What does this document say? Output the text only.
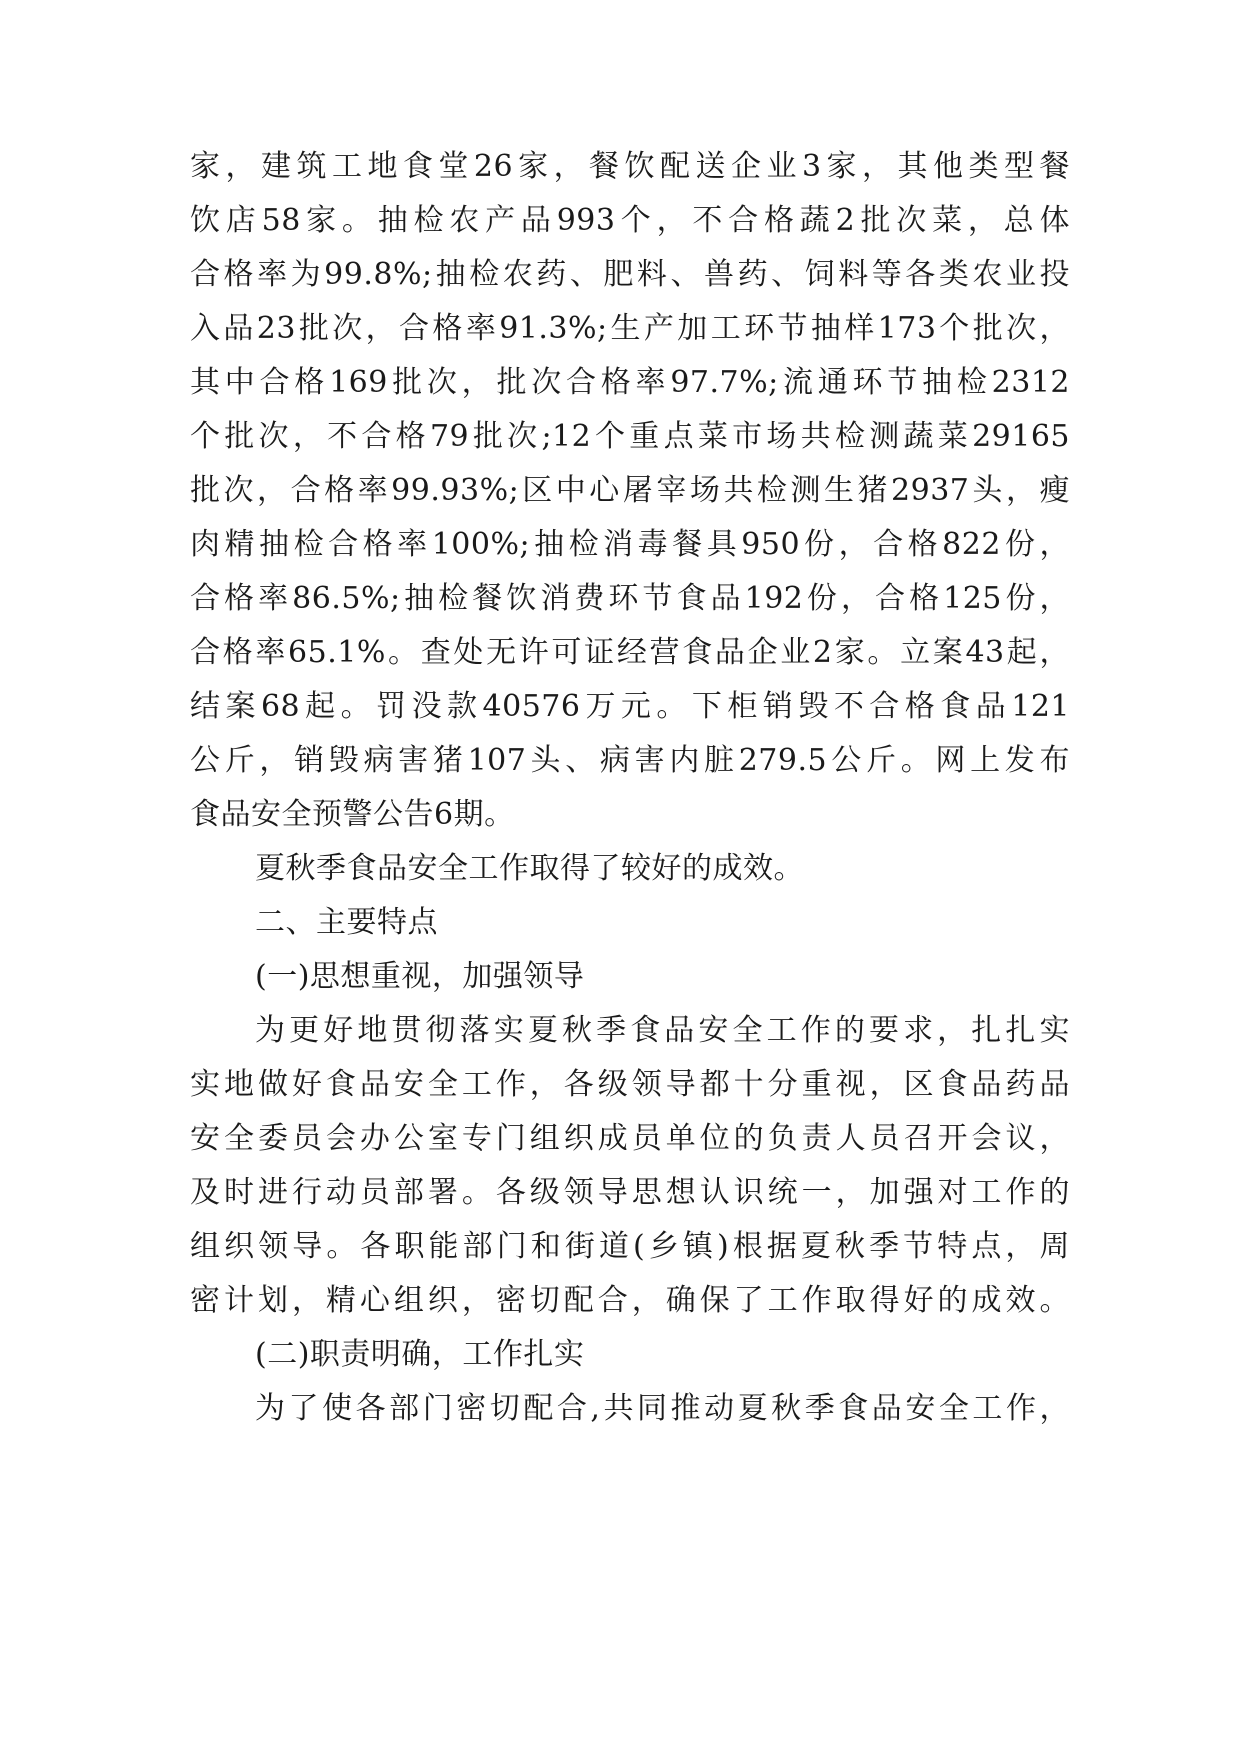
家，建筑工地食堂26家，餐饮配送企业3家，其他类型餐
饮店58家。抽检农产品993个，不合格蔬2批次菜，总体
合格率为99.8%;抽检农药、肥料、兽药、饲料等各类农业投
入品23批次，合格率91.3%;生产加工环节抽样173个批次，
其中合格169批次，批次合格率97.7%;流通环节抽检2312
个批次，不合格79批次;12个重点菜市场共检测蔬菜29165
批次，合格率99.93%;区中心屠宰场共检测生猪2937头，瘦
肉精抽检合格率100%;抽检消毒餐具950份，合格822份，
合格率86.5%;抽检餐饮消费环节食品192份，合格125份，
合格率65.1%。查处无许可证经营食品企业2家。立案43起，
结案68起。罚没款40576万元。下柜销毁不合格食品121
公斤，销毁病害猪107头、病害内脏279.5公斤。网上发布
食品安全预警公告6期。
夏秋季食品安全工作取得了较好的成效。
二、主要特点
(一)思想重视，加强领导
为更好地贯彻落实夏秋季食品安全工作的要求，扎扎实
实地做好食品安全工作，各级领导都十分重视，区食品药品
安全委员会办公室专门组织成员单位的负责人员召开会议，
及时进行动员部署。各级领导思想认识统一，加强对工作的
组织领导。各职能部门和街道(乡镇)根据夏秋季节特点，周
密计划，精心组织，密切配合，确保了工作取得好的成效。
(二)职责明确，工作扎实
为了使各部门密切配合,共同推动夏秋季食品安全工作，
